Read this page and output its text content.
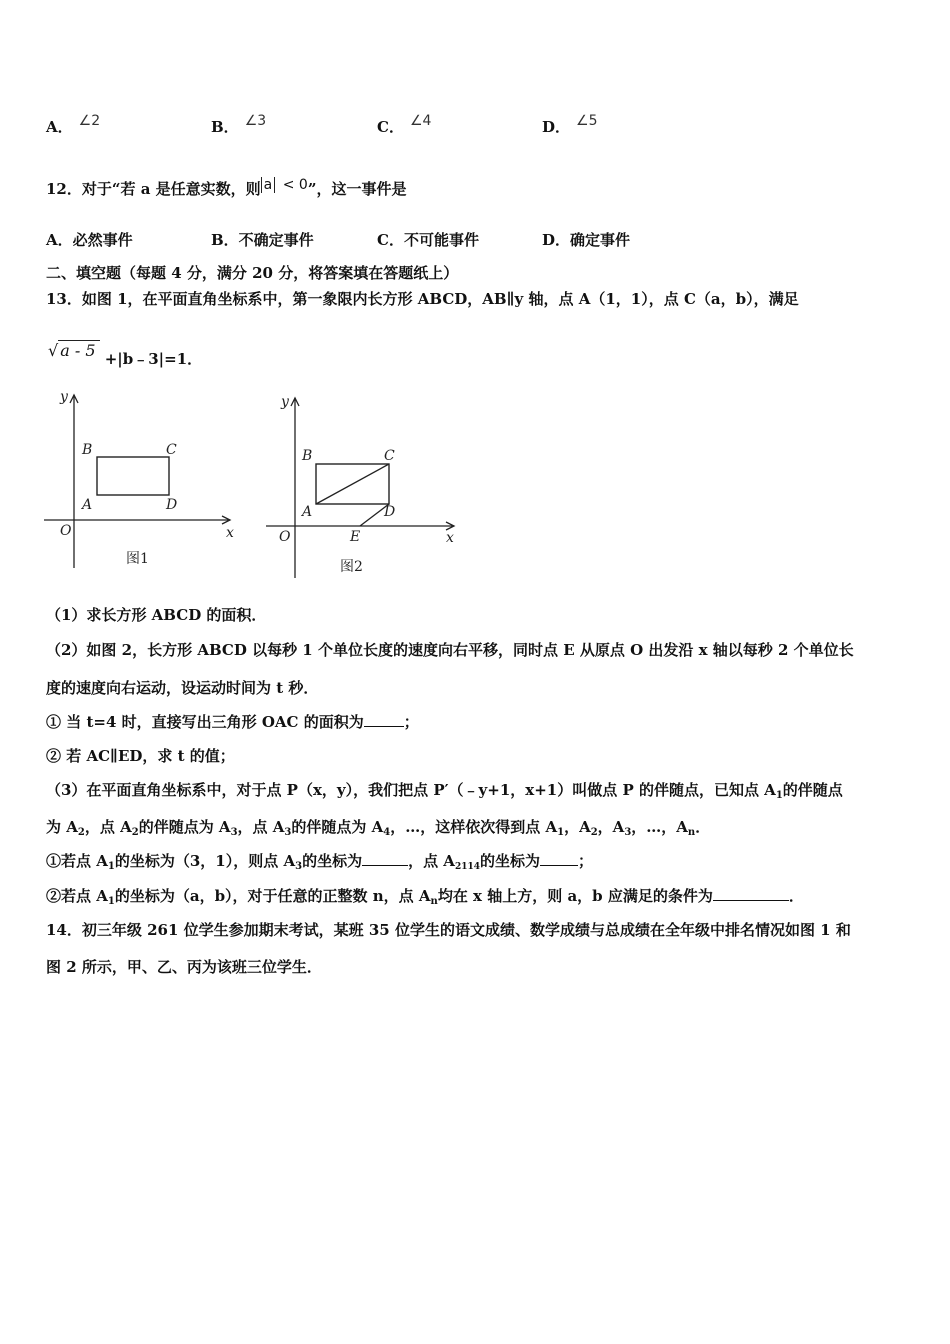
A． ∠2	B． ∠3	C． ∠4	D． ∠5
12．对于“若 a 是任意实数，则 a < 0”，这一事件是
A．必然事件	B．不确定事件	C．不可能事件	D．确定事件
二、填空题（每题 4 分，满分 20 分，将答案填在答题纸上）
13．如图 1，在平面直角坐标系中，第一象限内长方形 ABCD，AB∥y 轴，点 A（1，1），点 C（a，b），满足
√ a - 5 +|b﹣3|=1．
y
x
O
B	C
A	D
图1
y
x
O
B	C
A	D
E
图2
（1）求长方形 ABCD 的面积．
（2）如图 2，长方形 ABCD 以每秒 1 个单位长度的速度向右平移，同时点 E 从原点 O 出发沿 x 轴以每秒 2 个单位长
度的速度向右运动，设运动时间为 t 秒．
① 当 t=4 时，直接写出三角形 OAC 的面积为	；
② 若 AC∥ED，求 t 的值；
（3）在平面直角坐标系中，对于点 P（x，y），我们把点 P′（﹣y+1，x+1）叫做点 P 的伴随点，已知点 $A_1$的伴随点
为 $A_2$，点 $A_2$的伴随点为 $A_3$，点 $A_3$的伴随点为 $A_4$，…，这样依次得到点 $A_1$，$A_2$，$A_3$，…，$A_n$．
①若点 $A_1$的坐标为（3，1），则点 $A_3$的坐标为	，点 $A_{2114}$的坐标为	；
②若点 $A_1$的坐标为（a，b），对于任意的正整数 n，点 $A_n$均在 x 轴上方，则 a，b 应满足的条件为	．
14．初三年级 261 位学生参加期末考试，某班 35 位学生的语文成绩、数学成绩与总成绩在全年级中排名情况如图 1 和
图 2 所示，甲、乙、丙为该班三位学生．
